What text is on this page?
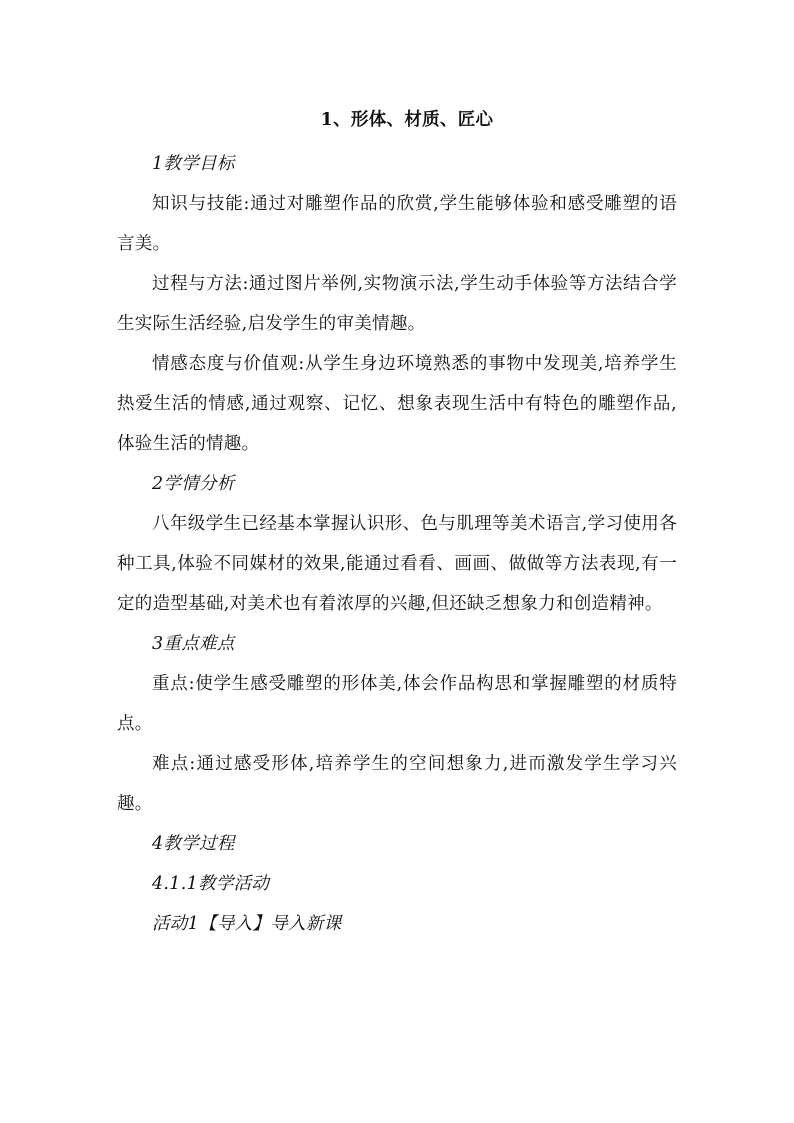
1、形体、材质、匠心
1教学目标

知识与技能:通过对雕塑作品的欣赏,学生能够体验和感受雕塑的语言美。

过程与方法:通过图片举例,实物演示法,学生动手体验等方法结合学生实际生活经验,启发学生的审美情趣。

情感态度与价值观:从学生身边环境熟悉的事物中发现美,培养学生热爱生活的情感,通过观察、记忆、想象表现生活中有特色的雕塑作品,体验生活的情趣。

2学情分析

八年级学生已经基本掌握认识形、色与肌理等美术语言,学习使用各种工具,体验不同媒材的效果,能通过看看、画画、做做等方法表现,有一定的造型基础,对美术也有着浓厚的兴趣,但还缺乏想象力和创造精神。

3重点难点

重点:使学生感受雕塑的形体美,体会作品构思和掌握雕塑的材质特点。

难点:通过感受形体,培养学生的空间想象力,进而激发学生学习兴趣。

4教学过程
4.1.1教学活动
活动1【导入】导入新课
